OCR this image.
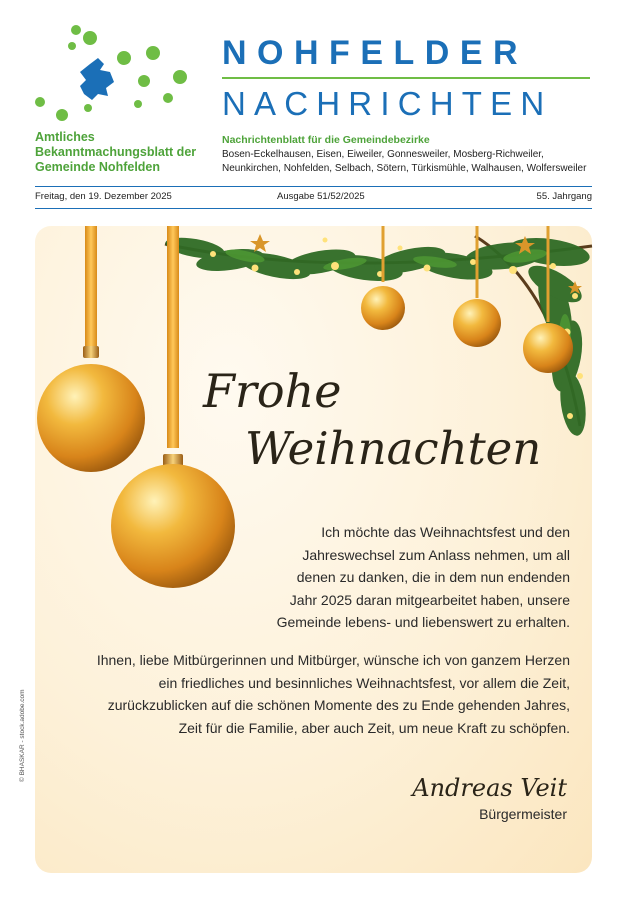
NOHFELDER
NACHRICHTEN
Amtliches
Bekanntmachungsblatt der
Gemeinde Nohfelden
Nachrichtenblatt für die Gemeindebezirke
Bosen-Eckelhausen, Eisen, Eiweiler, Gonnesweiler, Mosberg-Richweiler, Neunkirchen, Nohfelden, Selbach, Sötern, Türkismühle, Walhausen, Wolfersweiler
Freitag, den 19. Dezember 2025	Ausgabe 51/52/2025	55. Jahrgang
Frohe
Weihnachten
Ich möchte das Weihnachtsfest und den
Jahreswechsel zum Anlass nehmen, um all
denen zu danken, die in dem nun endenden
Jahr 2025 daran mitgearbeitet haben, unsere
Gemeinde lebens- und liebenswert zu erhalten.
Ihnen, liebe Mitbürgerinnen und Mitbürger, wünsche ich von ganzem Herzen
ein friedliches und besinnliches Weihnachtsfest, vor allem die Zeit,
zurückzublicken auf die schönen Momente des zu Ende gehenden Jahres,
Zeit für die Familie, aber auch Zeit, um neue Kraft zu schöpfen.
Andreas Veit
Bürgermeister
© BHASKAR - stock.adobe.com
